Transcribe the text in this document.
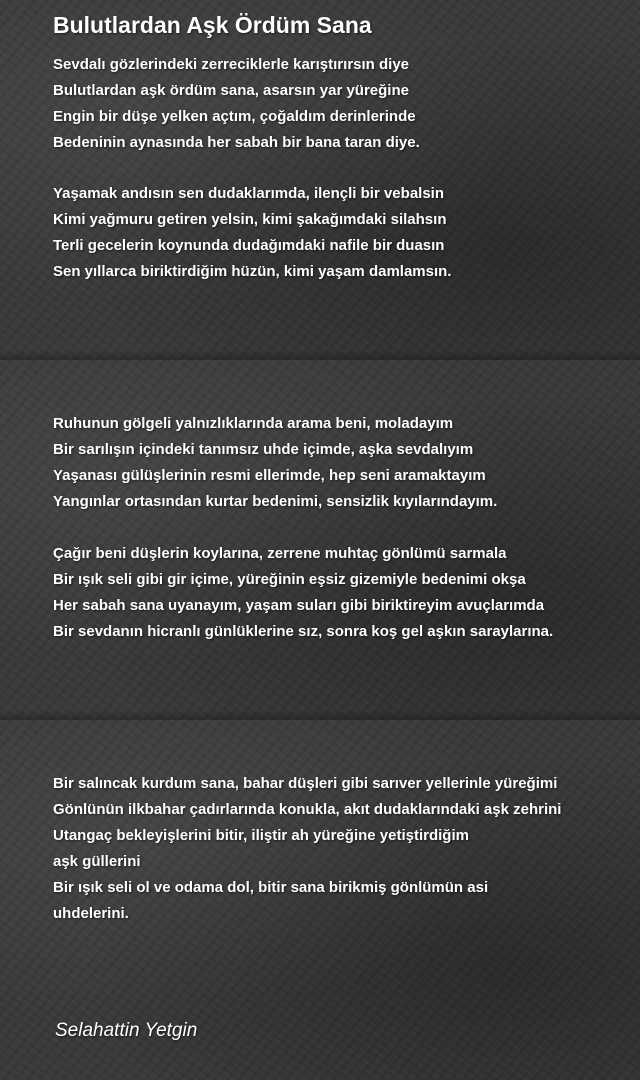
Bulutlardan Aşk Ördüm Sana
Sevdalı gözlerindeki zerreciklerle karıştırırsın diye
Bulutlardan aşk ördüm sana, asarsın yar yüreğine
Engin bir düşe yelken açtım, çoğaldım derinlerinde
Bedeninin aynasında her sabah bir bana taran diye.
Yaşamak andısın sen dudaklarımda, ilençli bir vebalsin
Kimi yağmuru getiren yelsin, kimi şakağımdaki silahsın
Terli gecelerin koynunda dudağımdaki nafile bir duasın
Sen yıllarca biriktirdiğim hüzün, kimi yaşam damlamsın.
Ruhunun gölgeli yalnızlıklarında arama beni, moladayım
Bir sarılışın içindeki tanımsız uhde içimde, aşka sevdalıyım
Yaşanası gülüşlerinin resmi ellerimde, hep seni aramaktayım
Yangınlar ortasından kurtar bedenimi, sensizlik kıyılarındayım.
Çağır beni düşlerin koylarına, zerrene muhtaç gönlümü sarmala
Bir ışık seli gibi gir içime, yüreğinin eşsiz gizemiyle bedenimi okşa
Her sabah sana uyanayım, yaşam suları gibi biriktireyim avuçlarımda
Bir sevdanın hicranlı günlüklerine sız, sonra koş gel aşkın saraylarına.
Bir salıncak kurdum sana, bahar düşleri gibi sarıver yellerinle yüreğimi
Gönlünün ilkbahar çadırlarında konukla, akıt dudaklarındaki aşk zehrini
Utangaç bekleyişlerini bitir, iliştir ah yüreğine yetiştirdiğim
aşk güllerini
Bir ışık seli ol ve odama dol, bitir sana birikmiş gönlümün asi
uhdelerini.
Selahattin Yetgin
